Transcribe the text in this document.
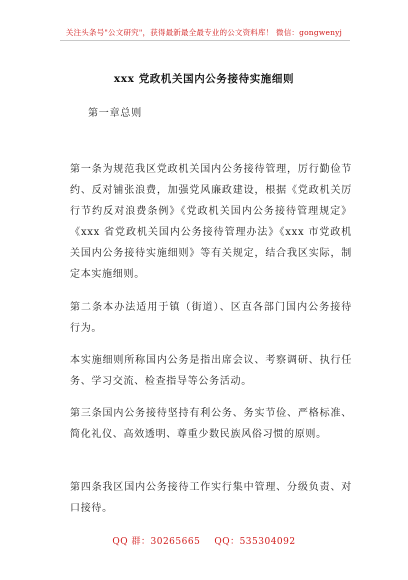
关注头条号"公文研究"，获得最新最全最专业的公文资料库！ 微信：gongwenyj
xxx 党政机关国内公务接待实施细则
第一章总则

第一条为规范我区党政机关国内公务接待管理，厉行勤俭节约、反对铺张浪费，加强党风廉政建设，根据《党政机关厉行节约反对浪费条例》《党政机关国内公务接待管理规定》《xxx 省党政机关国内公务接待管理办法》《xxx 市党政机关国内公务接待实施细则》等有关规定，结合我区实际，制定本实施细则。

第二条本办法适用于镇（街道）、区直各部门国内公务接待行为。

本实施细则所称国内公务是指出席会议、考察调研、执行任务、学习交流、检查指导等公务活动。

第三条国内公务接待坚持有利公务、务实节俭、严格标准、简化礼仪、高效透明、尊重少数民族风俗习惯的原则。

第四条我区国内公务接待工作实行集中管理、分级负责、对口接待。

QQ 群：30265665 QQ：535304092
